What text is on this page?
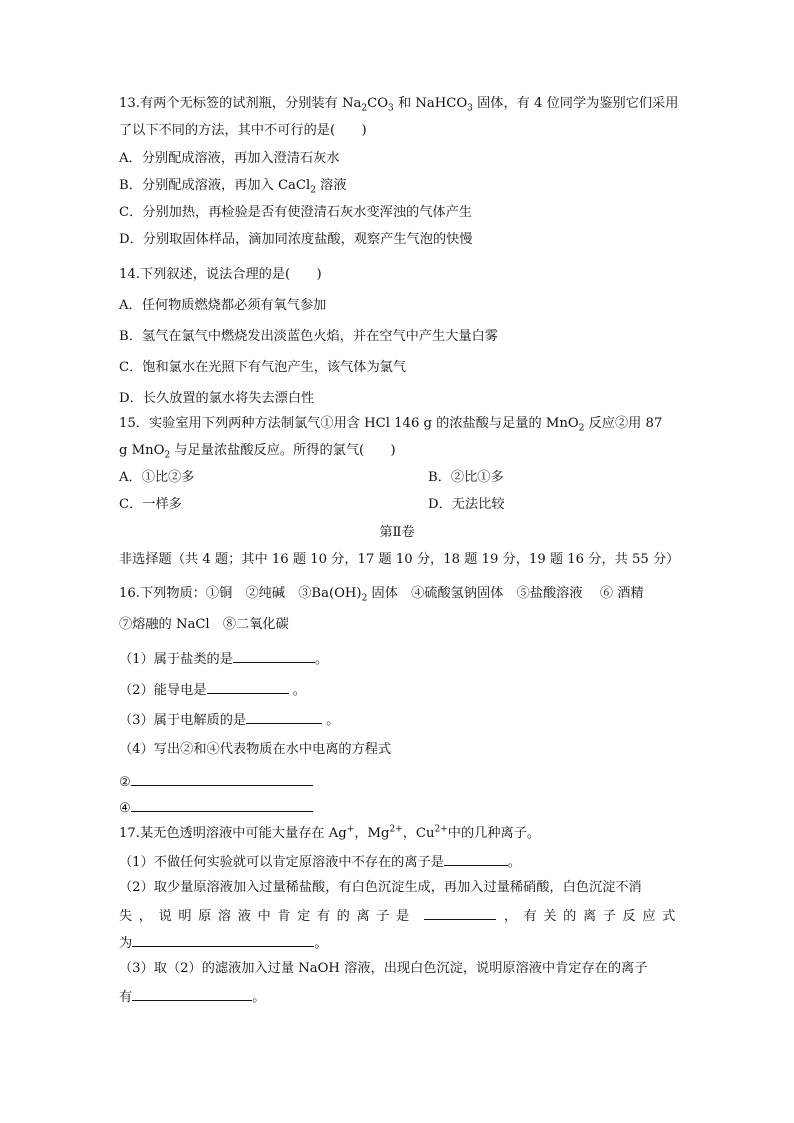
13.有两个无标签的试剂瓶，分别装有 $Na_2CO_3$ 和 NaHCO$_3$ 固体，有 4 位同学为鉴别它们采用
了以下不同的方法，其中不可行的是(　　)
A．分别配成溶液，再加入澄清石灰水
B．分别配成溶液，再加入 CaCl$_2$ 溶液
C．分别加热，再检验是否有使澄清石灰水变浑浊的气体产生
D．分别取固体样品，滴加同浓度盐酸，观察产生气泡的快慢
14.下列叙述，说法合理的是(　　)
A．任何物质燃烧都必须有氧气参加
B．氢气在氯气中燃烧发出淡蓝色火焰，并在空气中产生大量白雾
C．饱和氯水在光照下有气泡产生，该气体为氯气
D．长久放置的氯水将失去漂白性
15．实验室用下列两种方法制氯气①用含 HCl 146 g 的浓盐酸与足量的 MnO$_2$ 反应②用 87
g MnO$_2$ 与足量浓盐酸反应。所得的氯气(　　)
A．①比②多	B．②比①多
C．一样多	D．无法比较
第Ⅱ卷
非选择题（共 4 题；其中 16 题 10 分，17 题 10 分，18 题 19 分，19 题 16 分，共 55 分）
16.下列物质：①铜　②纯碱　$③Ba(OH)_2$ 固体　④硫酸氢钠固体　⑤盐酸溶液　 ⑥ 酒精
⑦熔融的 NaCl　⑧二氧化碳
（1）属于盐类的是	。
（2）能导电是	。
（3）属于电解质的是	。
（4）写出②和④代表物质在水中电离的方程式
②
④
17.某无色透明溶液中可能大量存在 Ag+，$Mg^{2+}$，$Cu^{2+}$中的几种离子。
（1）不做任何实验就可以肯定原溶液中不存在的离子是	。
（2）取少量原溶液加入过量稀盐酸，有白色沉淀生成，再加入过量稀硝酸，白色沉淀不消
失，说明原溶液中肯定有的离子是	，有关的离子反应式
为	。
（3）取（2）的滤液加入过量 NaOH 溶液，出现白色沉淀，说明原溶液中肯定存在的离子
有	。
